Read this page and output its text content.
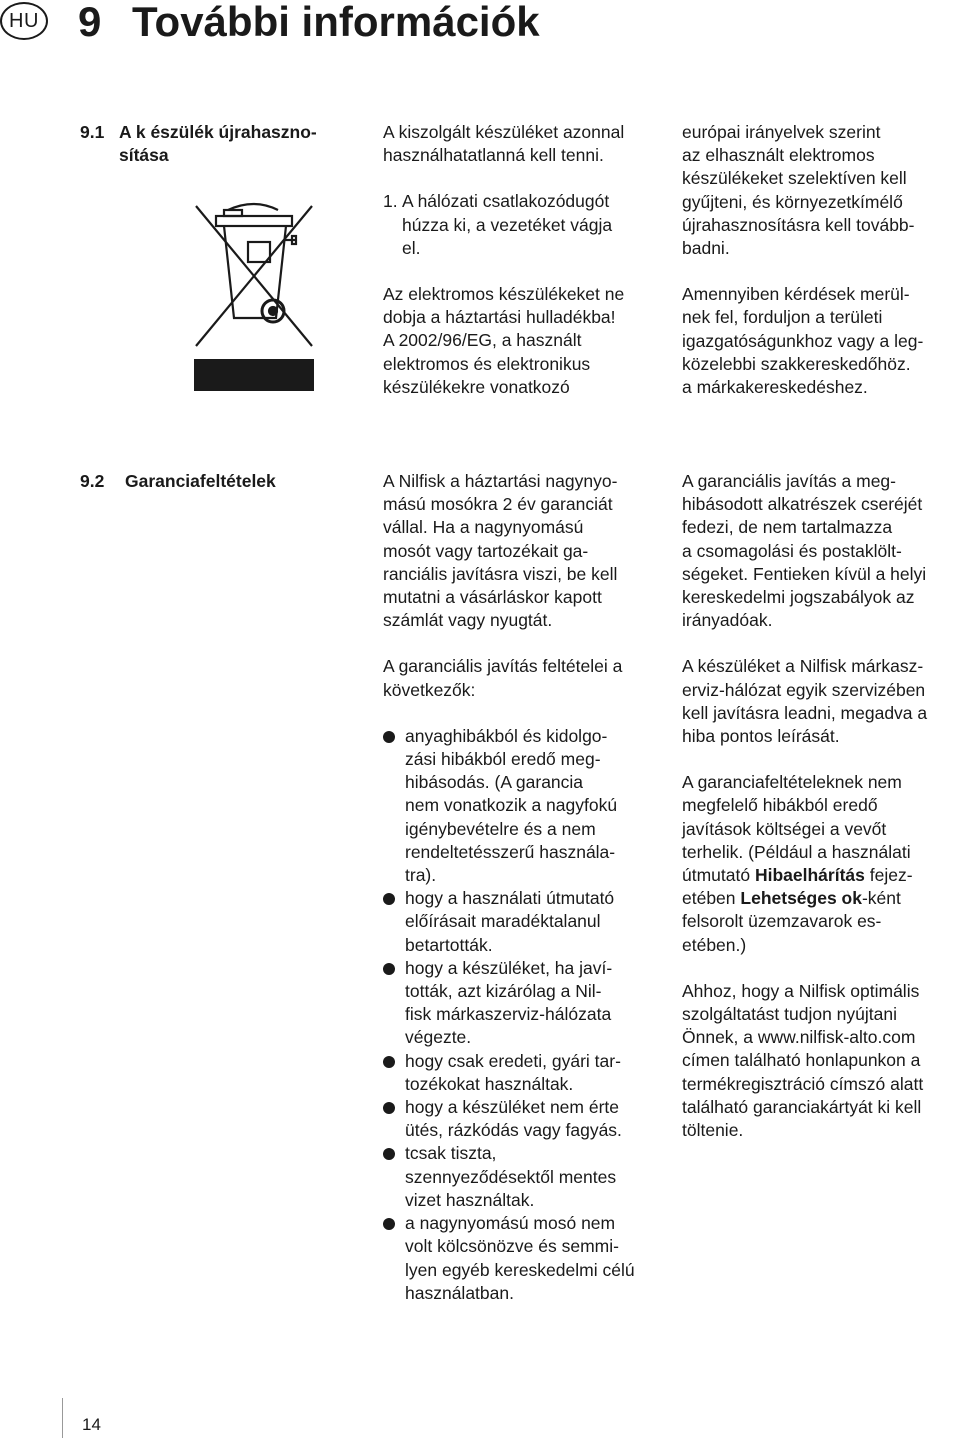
HU 9 További információk
9.1 A k észülék újrahaszno-
sítása

A kiszolgált készüléket azonnal
használhatatlanná kell tenni.

1. A hálózati csatlakozódugót
húzza ki, a vezetéket vágja
el.

Az elektromos készülékeket ne
dobja a háztartási hulladékba!
A 2002/96/EG, a használt
elektromos és elektronikus
készülékekre vonatkozó

európai irányelvek szerint
az elhasznált elektromos
készülékeket szelektíven kell
gyűjteni, és környezetkímélő
újrahasznosításra kell tovább-
badni.

Amennyiben kérdések merül-
nek fel, forduljon a területi
igazgatóságunkhoz vagy a leg-
közelebbi szakkereskedőhöz.
a márkakereskedéshez.

9.2 Garanciafeltételek	A Nilfisk a háztartási nagynyo-
mású mosókra 2 év garanciát
vállal. Ha a nagynyomású
mosót vagy tartozékait ga-
ranciális javításra viszi, be kell
mutatni a vásárláskor kapott
számlát vagy nyugtát.

A garanciális javítás feltételei a
következők:

anyaghibákból és kidolgo-
zási hibákból eredő meg-
hibásodás. (A garancia
nem vonatkozik a nagyfokú
igénybevételre és a nem
rendeltetésszerű használa-
tra).
hogy a használati útmutató
előírásait maradéktalanul
betartották.
hogy a készüléket, ha javí-
tották, azt kizárólag a Nil-
fisk márkaszerviz-hálózata
végezte.
hogy csak eredeti, gyári tar-
tozékokat használtak.
hogy a készüléket nem érte
ütés, rázkódás vagy fagyás.
tcsak tiszta,
szennyeződésektől mentes
vizet használtak.
a nagynyomású mosó nem
volt kölcsönözve és semmi-
lyen egyéb kereskedelmi célú
használatban.

A garanciális javítás a meg-
hibásodott alkatrészek cseréjét
fedezi, de nem tartalmazza
a csomagolási és postaklölt-
ségeket. Fentieken kívül a helyi
kereskedelmi jogszabályok az
irányadóak.

A készüléket a Nilfisk márkasz-
erviz-hálózat egyik szervizében
kell javításra leadni, megadva a
hiba pontos leírását.

A garanciafeltételeknek nem
megfelelő hibákból eredő
javítások költségei a vevőt
terhelik. (Például a használati
útmutató Hibaelhárítás fejez-
etében Lehetséges ok-ként
felsorolt üzemzavarok es-
etében.)

Ahhoz, hogy a Nilfisk optimális
szolgáltatást tudjon nyújtani
Önnek, a www.nilfisk-alto.com
címen található honlapunkon a
termékregisztráció címszó alatt
található garanciakártyát ki kell
töltenie.

14
